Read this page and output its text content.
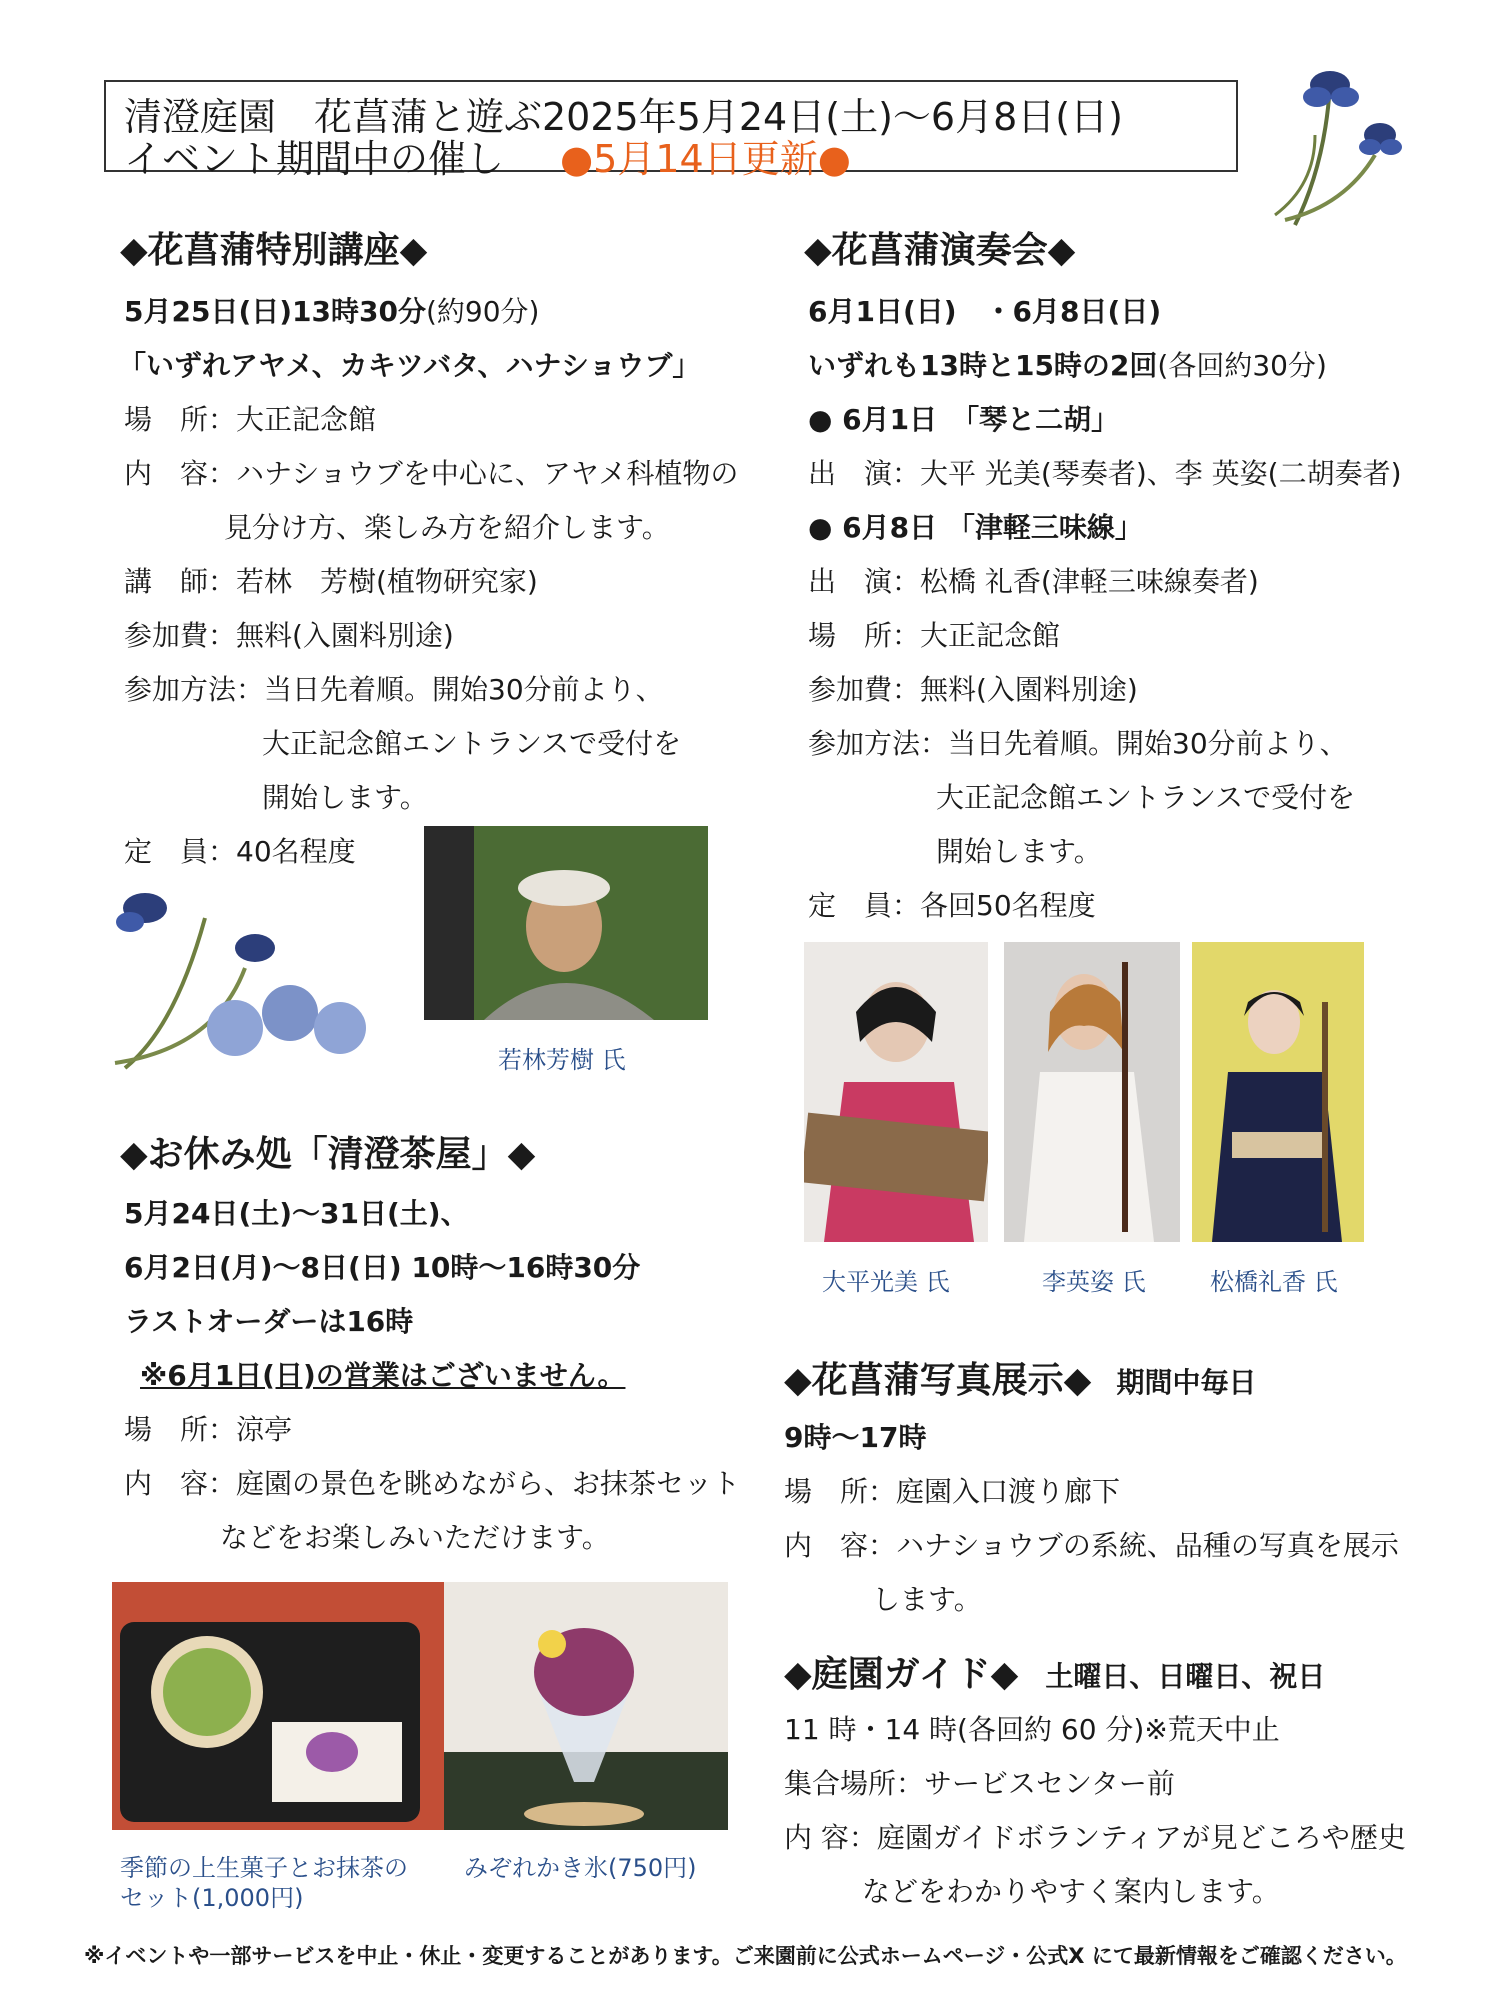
清澄庭園　花菖蒲と遊ぶ2025年5月24日(土)～6月8日(日)
イベント期間中の催し ●5月14日更新●
◆花菖蒲特別講座◆
5月25日(日)13時30分(約90分)
「いずれアヤメ、カキツバタ、ハナショウブ」
場　所：大正記念館
内　容：ハナショウブを中心に、アヤメ科植物の
見分け方、楽しみ方を紹介します。
講　師：若林　芳樹(植物研究家)
参加費：無料(入園料別途)
参加方法：当日先着順。開始30分前より、
大正記念館エントランスで受付を
開始します。
定　員：40名程度
若林芳樹 氏
◆お休み処「清澄茶屋」◆
5月24日(土)～31日(土)、
6月2日(月)～8日(日) 10時～16時30分
ラストオーダーは16時
※6月1日(日)の営業はございません。
場　所：涼亭
内　容：庭園の景色を眺めながら、お抹茶セット
などをお楽しみいただけます。
季節の上生菓子とお抹茶の
セット(1,000円)
みぞれかき氷(750円)
◆花菖蒲演奏会◆
6月1日(日)　・6月8日(日)
いずれも13時と15時の2回(各回約30分)
● 6月1日　「琴と二胡」
出　演：大平 光美(琴奏者)、李 英姿(二胡奏者)
● 6月8日 「津軽三味線」
出　演：松橋 礼香(津軽三味線奏者)
場　所：大正記念館
参加費：無料(入園料別途)
参加方法：当日先着順。開始30分前より、
大正記念館エントランスで受付を
開始します。
定　員：各回50名程度
大平光美 氏	李英姿 氏	松橋礼香 氏
◆花菖蒲写真展示◆ 期間中毎日
9時～17時
場　所：庭園入口渡り廊下
内　容：ハナショウブの系統、品種の写真を展示
します。
◆庭園ガイド◆ 土曜日、日曜日、祝日
11 時・14 時(各回約 60 分)※荒天中止
集合場所：サービスセンター前
内 容：庭園ガイドボランティアが見どころや歴史
などをわかりやすく案内します。
※イベントや一部サービスを中止・休止・変更することがあります。ご来園前に公式ホームページ・公式X にて最新情報をご確認ください。
